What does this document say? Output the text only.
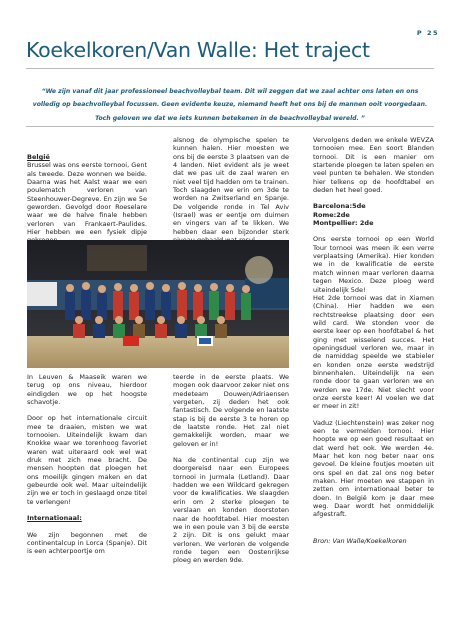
Koekelkoren/Van Walle: Het traject
P 25

“We zijn vanaf dit jaar professioneel beachvolleybal team. Dit wil zeggen dat we zaal achter ons laten en ons volledig op beachvolleybal focussen. Geen evidente keuze, niemand heeft het ons bij de mannen ooit voorgedaan. Toch geloven we dat we iets kunnen betekenen in de beachvolleybal wereld. ”

België

Brussel was ons eerste tornooi, Gent als tweede. Deze wonnen we beide. Daarna was het Aalst waar we een poulematch verloren van Steenhouwer-Degreve. En zijn we 5e geworden. Gevolgd door Roeselare waar we de halve finale hebben verloren van Frankaert-Paulides. Hier hebben we een fysiek dipje

alsnog de olympische spelen te kunnen halen. Hier moesten we ons bij de eerste 3 plaatsen van de 4 landen. Niet evident als je weet dat we pas uit de zaal waren en niet veel tijd hadden om te trainen. Toch slaagden we erin om 3de te worden na Zwitserland en Spanje. De volgende ronde in Tel Aviv (Israel) was er eentje om duimen en vingers van af te likken. We hebben daar een bijzonder sterk

In Leuven & Maaseik waren we terug op ons niveau, hierdoor eindigden we op het hoogste schavotje.

Door op het internationale circuit mee te draaien, misten we wat tornooien. Uiteindelijk kwam dan Knokke waar we torenhoog favoriet waren wat uiteraard ook wel wat druk met zich mee bracht. De mensen hoopten dat ploegen het ons moeilijk gingen maken en dat gebeurde ook wel. Maar uiteindelijk zijn we er toch in geslaagd onze titel te verlengen!

Internationaal:

We zijn begonnen met de continentalcup in Lorca (Spanje). Dit is een achterpoortje om

teerde in de eerste plaats. We mogen ook daarvoor zeker niet ons medeteam Douwen/Adriaensen vergeten, zij deden het ook fantastisch. De volgende en laatste stap is bij de eerste 3 te horen op de laatste ronde. Het zal niet gemakkelijk worden, maar we geloven er in!

Na de continental cup zijn we doorgereisd naar een Europees tornooi in Jurmala (Letland). Daar hadden we een Wildcard gekregen voor de kwalificaties. We slaagden erin om 2 sterke ploegen te verslaan en konden doorstoten naar de hoofdtabel. Hier moesten we in een poule van 3 bij de eerste 2 zijn. Dit is ons gelukt maar verloren. We verloren de volgende ronde tegen een Oostenrijkse ploeg en werden 9de.

Vervolgens deden we enkele WEVZA tornooien mee. Een soort Blanden tornooi. Dit is een manier om startende ploegen te laten spelen en veel punten te behalen. We stonden hier telkens op de hoofdtabel en deden het heel goed.

Barcelona:5de

Rome:2de

Montpellier: 2de

Ons eerste tornooi op een World Tour tornooi was meen ik een verre verplaatsing (Amerika). Hier konden we in de kwalificatie de eerste match winnen maar verloren daarna tegen Mexico. Deze ploeg werd uiteindelijk 5de!

Het 2de tornooi was dat in Xiamen (China). Hier hadden we een rechtstreekse plaatsing door een wild card. We stonden voor de eerste keer op een hoofdtabel & het ging met wisselend succes. Het openingsduel verloren we, maar in de namiddag speelde we stabieler en konden onze eerste wedstrijd binnenhalen. Uiteindelijk na een ronde door te gaan verloren we en werden we 17de. Niet slecht voor onze eerste keer! Al voelen we dat er meer in zit!

Vaduz (Liechtenstein) was zeker nog een te vermelden tornooi. Hier hoopte we op een goed resultaat en dat werd het ook. We werden 4e. Maar het kon nog beter naar ons gevoel. De kleine foutjes moeten uit ons spel en dat zal ons nog beter maken. Hier moeten we stappen in zetten om internationaal beter te doen. In België kom je daar mee weg. Daar wordt het onmiddelijk afgestraft.

Bron: Van Walle/Koekelkoren
